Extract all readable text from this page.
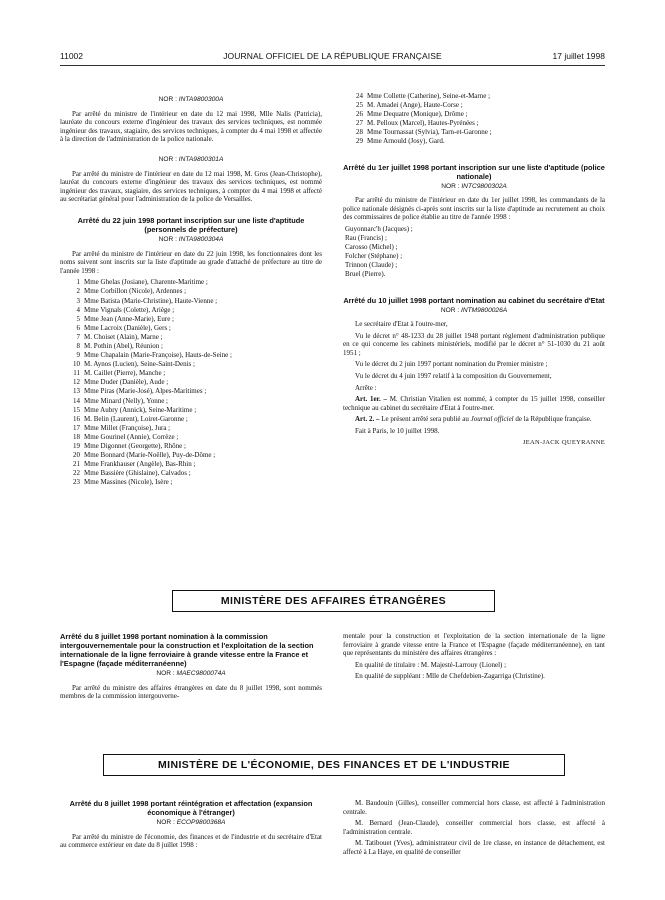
11002	JOURNAL OFFICIEL DE LA RÉPUBLIQUE FRANÇAISE	17 juillet 1998
NOR : INTA9800300A

Par arrêté du ministre de l'intérieur en date du 12 mai 1998, Mlle Nalis (Patricia), lauréate du concours externe d'ingénieur des travaux des services techniques, est nommée ingénieur des travaux, stagiaire, des services techniques, à compter du 4 mai 1998 et affectée à la direction de l'administration de la police nationale.

NOR : INTA9800301A

Par arrêté du ministre de l'intérieur en date du 12 mai 1998, M. Gros (Jean-Christophe), lauréat du concours externe d'ingénieur des travaux des services techniques, est nommé ingénieur des travaux, stagiaire, des services techniques, à compter du 4 mai 1998 et affecté au secrétariat général pour l'administration de la police de Versailles.

Arrêté du 22 juin 1998 portant inscription sur une liste d'aptitude (personnels de préfecture)
NOR : INTA9800304A

Par arrêté du ministre de l'intérieur en date du 22 juin 1998, les fonctionnaires dont les noms suivent sont inscrits sur la liste d'aptitude au grade d'attaché de préfecture au titre de l'année 1998 :

1 Mme Ghelas (Josiane), Charente-Maritime ;
2 Mme Corbillon (Nicole), Ardennes ;
3 Mme Batista (Marie-Christine), Haute-Vienne ;
4 Mme Vignals (Colette), Ariège ;
5 Mme Jean (Anne-Marie), Eure ;
6 Mme Lacroix (Danièle), Gers ;
7 M. Choiset (Alain), Marne ;
8 M. Pothin (Abel), Réunion ;
9 Mme Chapalain (Marie-Françoise), Hauts-de-Seine ;
10 M. Aynos (Lucien), Seine-Saint-Denis ;
11 M. Caillet (Pierre), Manche ;
12 Mme Duder (Danièle), Aude ;
13 Mme Piras (Marie-José), Alpes-Maritimes ;
14 Mme Minard (Nelly), Yonne ;
15 Mme Aubry (Annick), Seine-Maritime ;
16 M. Belin (Laurent), Loiret-Garonne ;
17 Mme Millet (Françoise), Jura ;
18 Mme Gourinel (Annie), Corrèze ;
19 Mme Digonnet (Georgette), Rhône ;
20 Mme Bonnard (Marie-Noëlle), Puy-de-Dôme ;
21 Mme Frankhauser (Angèle), Bas-Rhin ;
22 Mme Bassière (Ghislaine), Calvados ;
23 Mme Massines (Nicole), Isère ;
24 Mme Collette (Catherine), Seine-et-Marne ;
25 M. Amadei (Ange), Haute-Corse ;
26 Mme Dequatre (Monique), Drôme ;
27 M. Pelloux (Marcel), Hautes-Pyrénées ;
28 Mme Tournassat (Sylvia), Tarn-et-Garonne ;
29 Mme Arnould (Josy), Gard.
Arrêté du 1er juillet 1998 portant inscription sur une liste d'aptitude (police nationale)
NOR : INTC9800302A

Par arrêté du ministre de l'intérieur en date du 1er juillet 1998, les commandants de la police nationale désignés ci-après sont inscrits sur la liste d'aptitude au recrutement au choix des commissaires de police établie au titre de l'année 1998 :

Guyonnarc'h (Jacques) ;
Rau (Francis) ;
Carosso (Michel) ;
Folcher (Stéphane) ;
Trinnon (Claude) ;
Bruel (Pierre).
Arrêté du 10 juillet 1998 portant nomination au cabinet du secrétaire d'Etat
NOR : INTM9800026A

Le secrétaire d'Etat à l'outre-mer,

Vu le décret n° 48-1233 du 28 juillet 1948 portant règlement d'administration publique en ce qui concerne les cabinets ministériels, modifié par le décret n° 51-1030 du 21 août 1951 ;

Vu le décret du 2 juin 1997 portant nomination du Premier ministre ;

Vu le décret du 4 juin 1997 relatif à la composition du Gouvernement,

Arrête :

Art. 1er. – M. Christian Vitalien est nommé, à compter du 15 juillet 1998, conseiller technique au cabinet du secrétaire d'Etat à l'outre-mer.

Art. 2. – Le présent arrêté sera publié au Journal officiel de la République française.

Fait à Paris, le 10 juillet 1998.

JEAN-JACK QUEYRANNE
MINISTÈRE DES AFFAIRES ÉTRANGÈRES
Arrêté du 8 juillet 1998 portant nomination à la commission intergouvernementale pour la construction et l'exploitation de la section internationale de la ligne ferroviaire à grande vitesse entre la France et l'Espagne (façade méditerranéenne)
NOR : MAEC9800074A

Par arrêté du ministre des affaires étrangères en date du 8 juillet 1998, sont nommés membres de la commission intergouverne-

mentale pour la construction et l'exploitation de la section internationale de la ligne ferroviaire à grande vitesse entre la France et l'Espagne (façade méditerranéenne), en tant que représentants du ministère des affaires étrangères :

En qualité de titulaire : M. Majesté-Larrouy (Lionel) ;

En qualité de suppléant : Mlle de Chefdebien-Zagarriga (Christine).

MINISTÈRE DE L'ÉCONOMIE, DES FINANCES ET DE L'INDUSTRIE
Arrêté du 8 juillet 1998 portant réintégration et affectation (expansion économique à l'étranger)
NOR : ECOP9800368A

Par arrêté du ministre de l'économie, des finances et de l'industrie et du secrétaire d'Etat au commerce extérieur en date du 8 juillet 1998 :

M. Baudouin (Gilles), conseiller commercial hors classe, est affecté à l'administration centrale.

M. Bernard (Jean-Claude), conseiller commercial hors classe, est affecté à l'administration centrale.

M. Tatibouet (Yves), administrateur civil de 1re classe, en instance de détachement, est affecté à La Haye, en qualité de conseiller
